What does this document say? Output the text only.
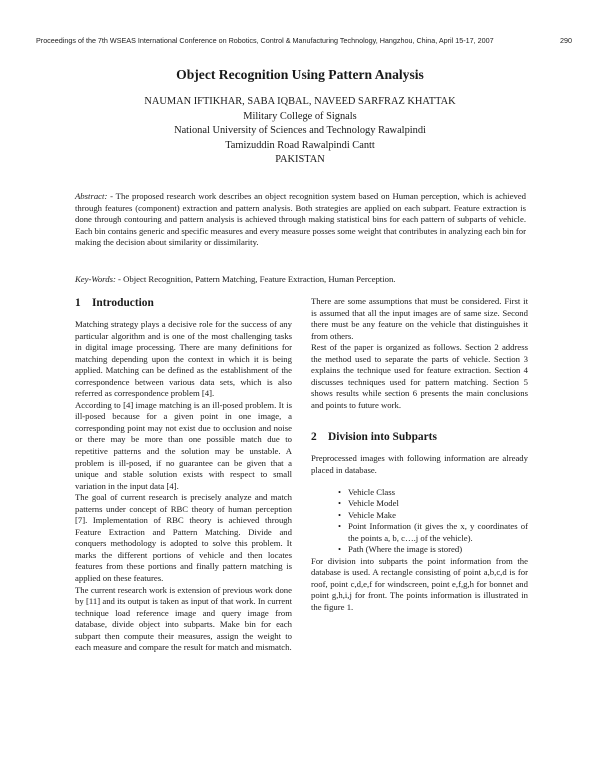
Proceedings of the 7th WSEAS International Conference on Robotics, Control & Manufacturing Technology, Hangzhou, China, April 15-17, 2007	290
Object Recognition Using Pattern Analysis
NAUMAN IFTIKHAR, SABA IQBAL, NAVEED SARFRAZ KHATTAK
Military College of Signals
National University of Sciences and Technology Rawalpindi
Tamizuddin Road Rawalpindi Cantt
PAKISTAN

Abstract: - The proposed research work describes an object recognition system based on Human perception, which is achieved through features (component) extraction and pattern analysis. Both strategies are applied on each subpart. Feature extraction is done through contouring and pattern analysis is achieved through making statistical bins for each pattern of subparts of vehicle. Each bin contains generic and specific measures and every measure posses some weight that contributes in analyzing each bin for making the decision about similarity or dissimilarity.

Key-Words: - Object Recognition, Pattern Matching, Feature Extraction, Human Perception.

1 Introduction

Matching strategy plays a decisive role for the success of any particular algorithm and is one of the most challenging tasks in digital image processing. There are many definitions for matching depending upon the context in which it is being applied. Matching can be defined as the establishment of the correspondence between various data sets, which is also referred as correspondence problem [4].

According to [4] image matching is an ill-posed problem. It is ill-posed because for a given point in one image, a corresponding point may not exist due to occlusion and noise or there may be more than one possible match due to repetitive patterns and the solution may be unstable. A problem is ill-posed, if no guarantee can be given that a unique and stable solution exists with respect to small variation in the input data [4].

The goal of current research is precisely analyze and match patterns under concept of RBC theory of human perception [7]. Implementation of RBC theory is achieved through Feature Extraction and Pattern Matching. Divide and conquers methodology is adopted to solve this problem. It marks the different portions of vehicle and then locates features from these portions and finally pattern matching is applied on these features.

The current research work is extension of previous work done by [11] and its output is taken as input of that work. In current technique load reference image and query image from database, divide object into subparts. Make bin for each subpart then compute their measures, assign the weight to each measure and compare the result for match and mismatch.

There are some assumptions that must be considered. First it is assumed that all the input images are of same size. Second there must be any feature on the vehicle that distinguishes it from others.

Rest of the paper is organized as follows. Section 2 address the method used to separate the parts of vehicle. Section 3 explains the technique used for feature extraction. Section 4 discusses techniques used for pattern matching. Section 5 shows results while section 6 presents the main conclusions and points to future work.

2 Division into Subparts

Preprocessed images with following information are already placed in database.

• Vehicle Class
• Vehicle Model
• Vehicle Make
• Point Information (it gives the x, y coordinates of the points a, b, c….j of the vehicle).
• Path (Where the image is stored)

For division into subparts the point information from the database is used. A rectangle consisting of point a,b,c,d is for roof, point c,d,e,f for windscreen, point e,f,g,h for bonnet and point g,h,i,j for front. The points information is illustrated in the figure 1.
